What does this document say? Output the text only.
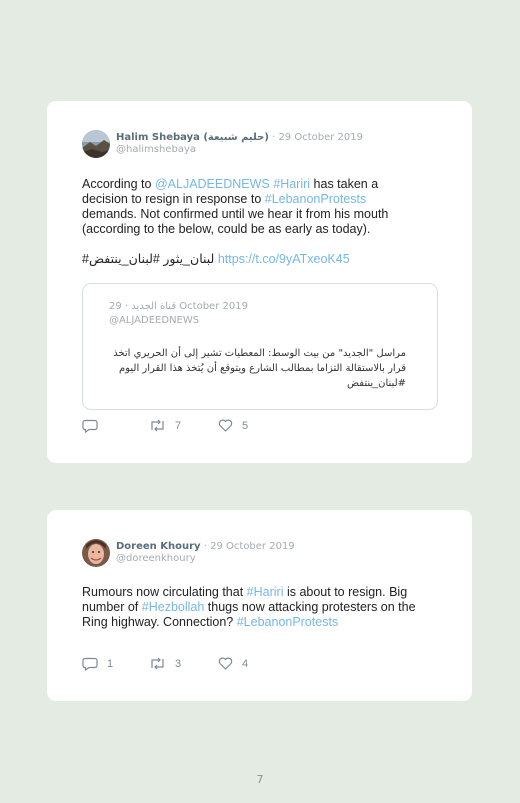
Halim Shebaya (حليم شبيعة) · 29 October 2019
@halimshebaya
According to @ALJADEEDNEWS #Hariri has taken a decision to resign in response to #LebanonProtests demands. Not confirmed until we hear it from his mouth (according to the below, could be as early as today).
#لبنان_يثور #لبنان_ينتفض https://t.co/9yATxeoK45
قناة الجديد · 29 October 2019
@ALJADEEDNEWS
مراسل "الجديد" من بيت الوسط: المعطيات تشير إلى أن الحريري اتخذ قرار بالاستقالة التزاما بمطالب الشارع ويتوقع أن يُتخذ هذا القرار اليوم #لبنان_ينتفض
7	5
Doreen Khoury · 29 October 2019
@doreenkhoury
Rumours now circulating that #Hariri is about to resign. Big number of #Hezbollah thugs now attacking protesters on the Ring highway. Connection? #LebanonProtests
1	3	4
7
